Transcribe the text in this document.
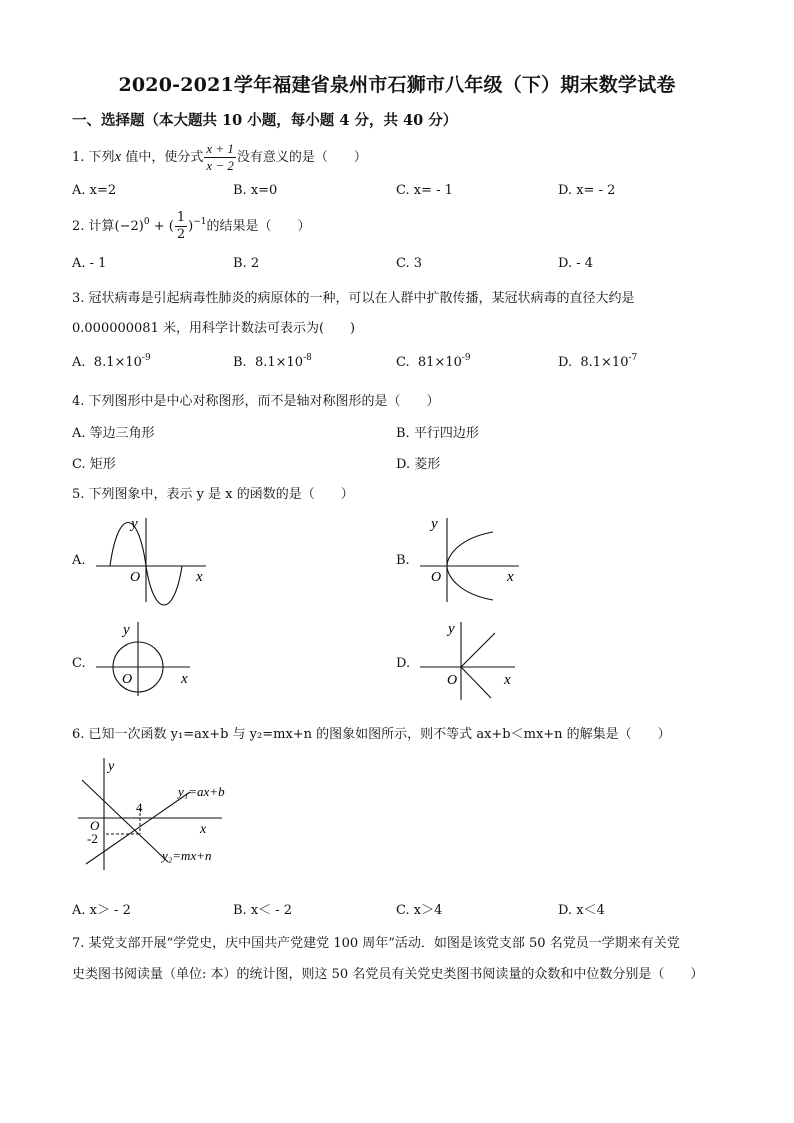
2020-2021学年福建省泉州市石狮市八年级（下）期末数学试卷
一、选择题（本大题共 10 小题，每小题 4 分，共 40 分）
1. 下列x 值中，使分式 $\frac{x + 1}{x - 2}$ 没有意义的是（　　）
A. x=2	B. x=0	C. x= - 1	D. x= - 2
2. 计算$(-2)^0$ + ( $\frac{1}{2} )^{-1}$的结果是（　　）
A. - 1	B. 2	C. 3	D. - 4
3. 冠状病毒是引起病毒性肺炎的病原体的一种，可以在人群中扩散传播，某冠状病毒的直径大约是
0.000000081 米，用科学计数法可表示为(　　)
A. $8.1\times 10^{-9}$	B. $8.1\times 10^{-8}$	C. $81\times 10^{-9}$	D. $8.1\times 10^{-7}$
4. 下列图形中是中心对称图形，而不是轴对称图形的是（　　）
A. 等边三角形	B. 平行四边形
C. 矩形	D. 菱形
5. 下列图象中，表示 y 是 x 的函数的是（　　）
A.
y
x
O
B.
y
x
O
C.
y
x
O
D.
y
x
O
6. 已知一次函数 y₁=ax+b 与 y₂=mx+n 的图象如图所示，则不等式 ax+b＜mx+n 的解集是（　　）
y
x
O
4
-2
y₁=ax+b
y₂=mx+n
A. x＞ - 2	B. x＜ - 2	C. x＞4	D. x＜4
7. 某党支部开展“学党史，庆中国共产党建党 100 周年”活动．如图是该党支部 50 名党员一学期来有关党
史类图书阅读量（单位: 本）的统计图，则这 50 名党员有关党史类图书阅读量的众数和中位数分别是（　　）
